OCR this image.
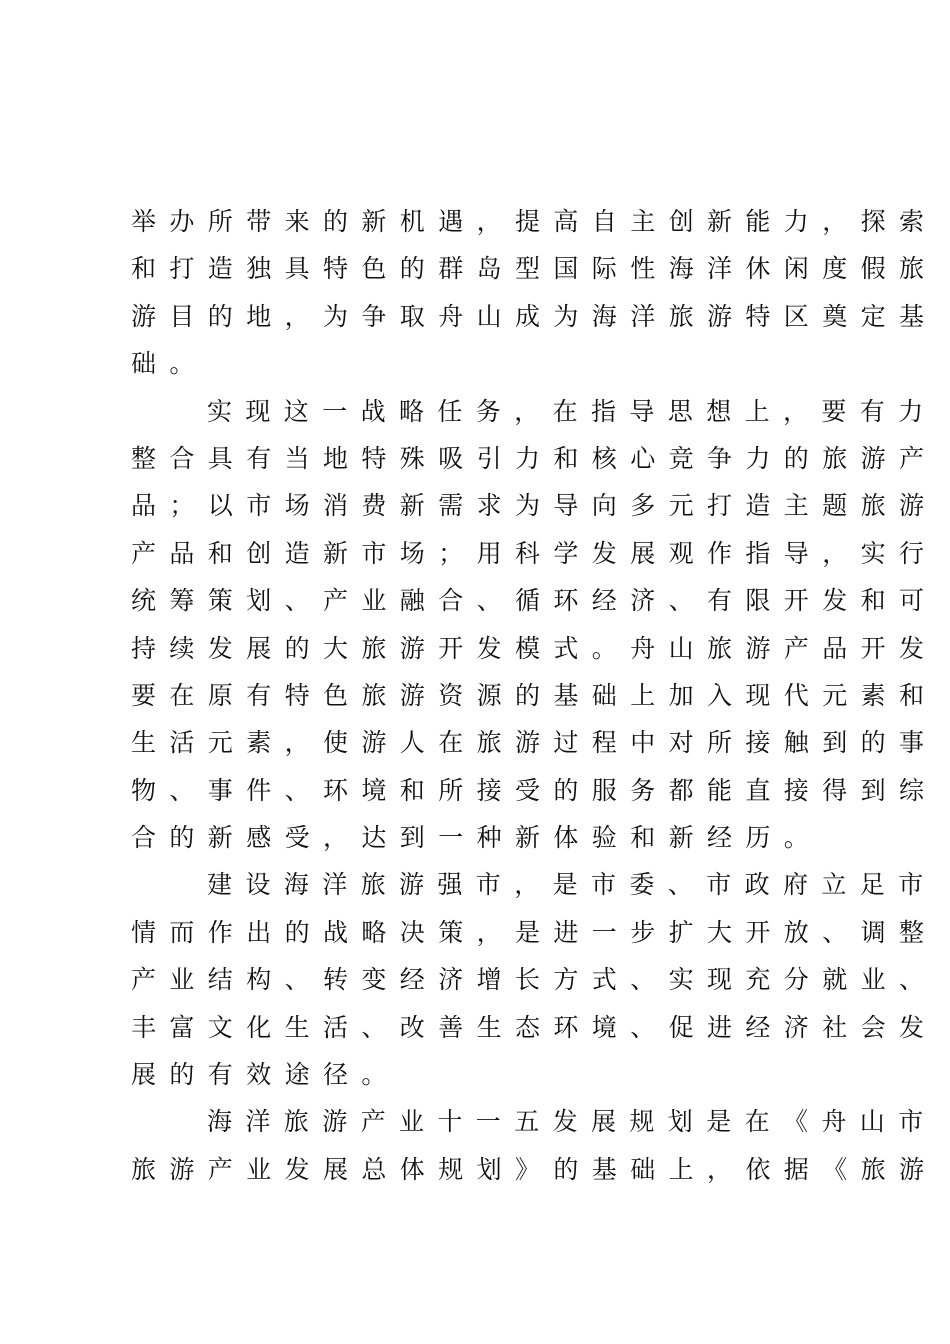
举办所带来的新机遇，提高自主创新能力，探索
和打造独具特色的群岛型国际性海洋休闲度假旅
游目的地，为争取舟山成为海洋旅游特区奠定基
础。

实现这一战略任务，在指导思想上，要有力
整合具有当地特殊吸引力和核心竞争力的旅游产
品；以市场消费新需求为导向多元打造主题旅游
产品和创造新市场；用科学发展观作指导，实行
统筹策划、产业融合、循环经济、有限开发和可
持续发展的大旅游开发模式。舟山旅游产品开发
要在原有特色旅游资源的基础上加入现代元素和
生活元素，使游人在旅游过程中对所接触到的事
物、事件、环境和所接受的服务都能直接得到综
合的新感受，达到一种新体验和新经历。

建设海洋旅游强市，是市委、市政府立足市
情而作出的战略决策，是进一步扩大开放、调整
产业结构、转变经济增长方式、实现充分就业、
丰富文化生活、改善生态环境、促进经济社会发
展的有效途径。

海洋旅游产业十一五发展规划是在《舟山市
旅游产业发展总体规划》的基础上，依据《旅游
